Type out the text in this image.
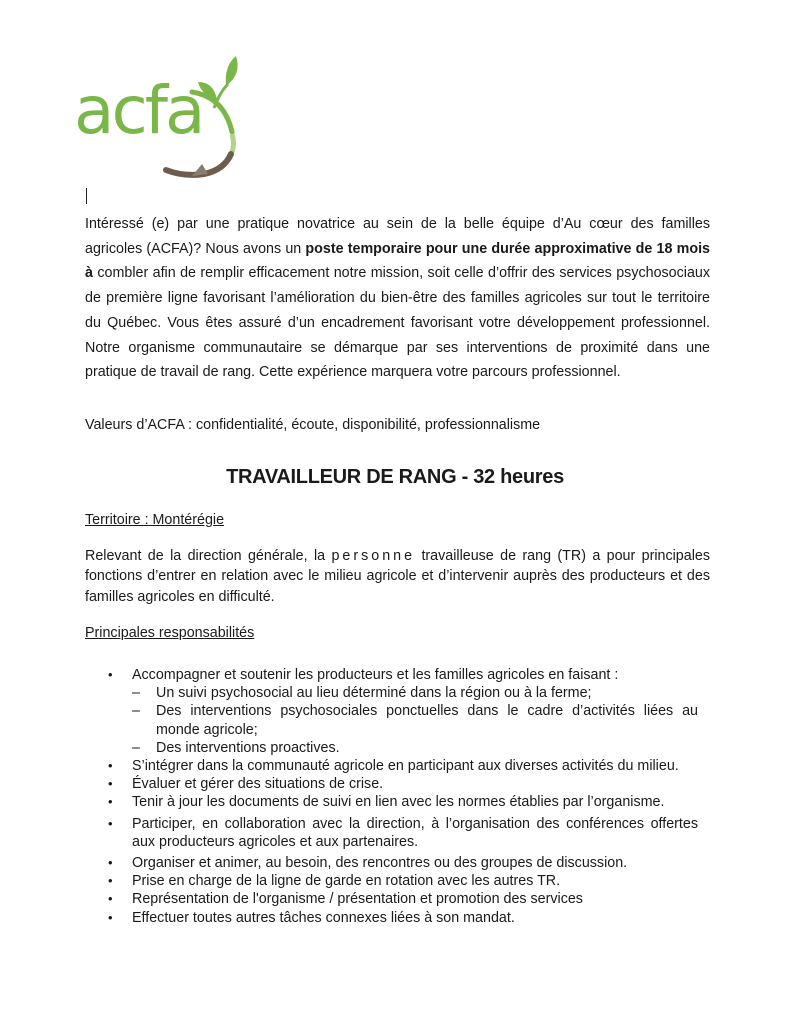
acfa
Intéressé (e) par une pratique novatrice au sein de la belle équipe d’Au cœur des familles agricoles (ACFA)? Nous avons un poste temporaire pour une durée approximative de 18 mois à combler afin de remplir efficacement notre mission, soit celle d’offrir des services psychosociaux de première ligne favorisant l’amélioration du bien-être des familles agricoles sur tout le territoire du Québec. Vous êtes assuré d’un encadrement favorisant votre développement professionnel. Notre organisme communautaire se démarque par ses interventions de proximité dans une pratique de travail de rang. Cette expérience marquera votre parcours professionnel.
Valeurs d’ACFA : confidentialité, écoute, disponibilité, professionnalisme
TRAVAILLEUR DE RANG - 32 heures
Territoire : Montérégie
Relevant de la direction générale, la personne travailleuse de rang (TR) a pour principales fonctions d’entrer en relation avec le milieu agricole et d’intervenir auprès des producteurs et des familles agricoles en difficulté.
Principales responsabilités
• Accompagner et soutenir les producteurs et les familles agricoles en faisant :
– Un suivi psychosocial au lieu déterminé dans la région ou à la ferme;
– Des interventions psychosociales ponctuelles dans le cadre d’activités liées au monde agricole;
– Des interventions proactives.
• S’intégrer dans la communauté agricole en participant aux diverses activités du milieu.
• Évaluer et gérer des situations de crise.
• Tenir à jour les documents de suivi en lien avec les normes établies par l’organisme.
• Participer, en collaboration avec la direction, à l’organisation des conférences offertes aux producteurs agricoles et aux partenaires.
• Organiser et animer, au besoin, des rencontres ou des groupes de discussion.
• Prise en charge de la ligne de garde en rotation avec les autres TR.
• Représentation de l'organisme / présentation et promotion des services
• Effectuer toutes autres tâches connexes liées à son mandat.
